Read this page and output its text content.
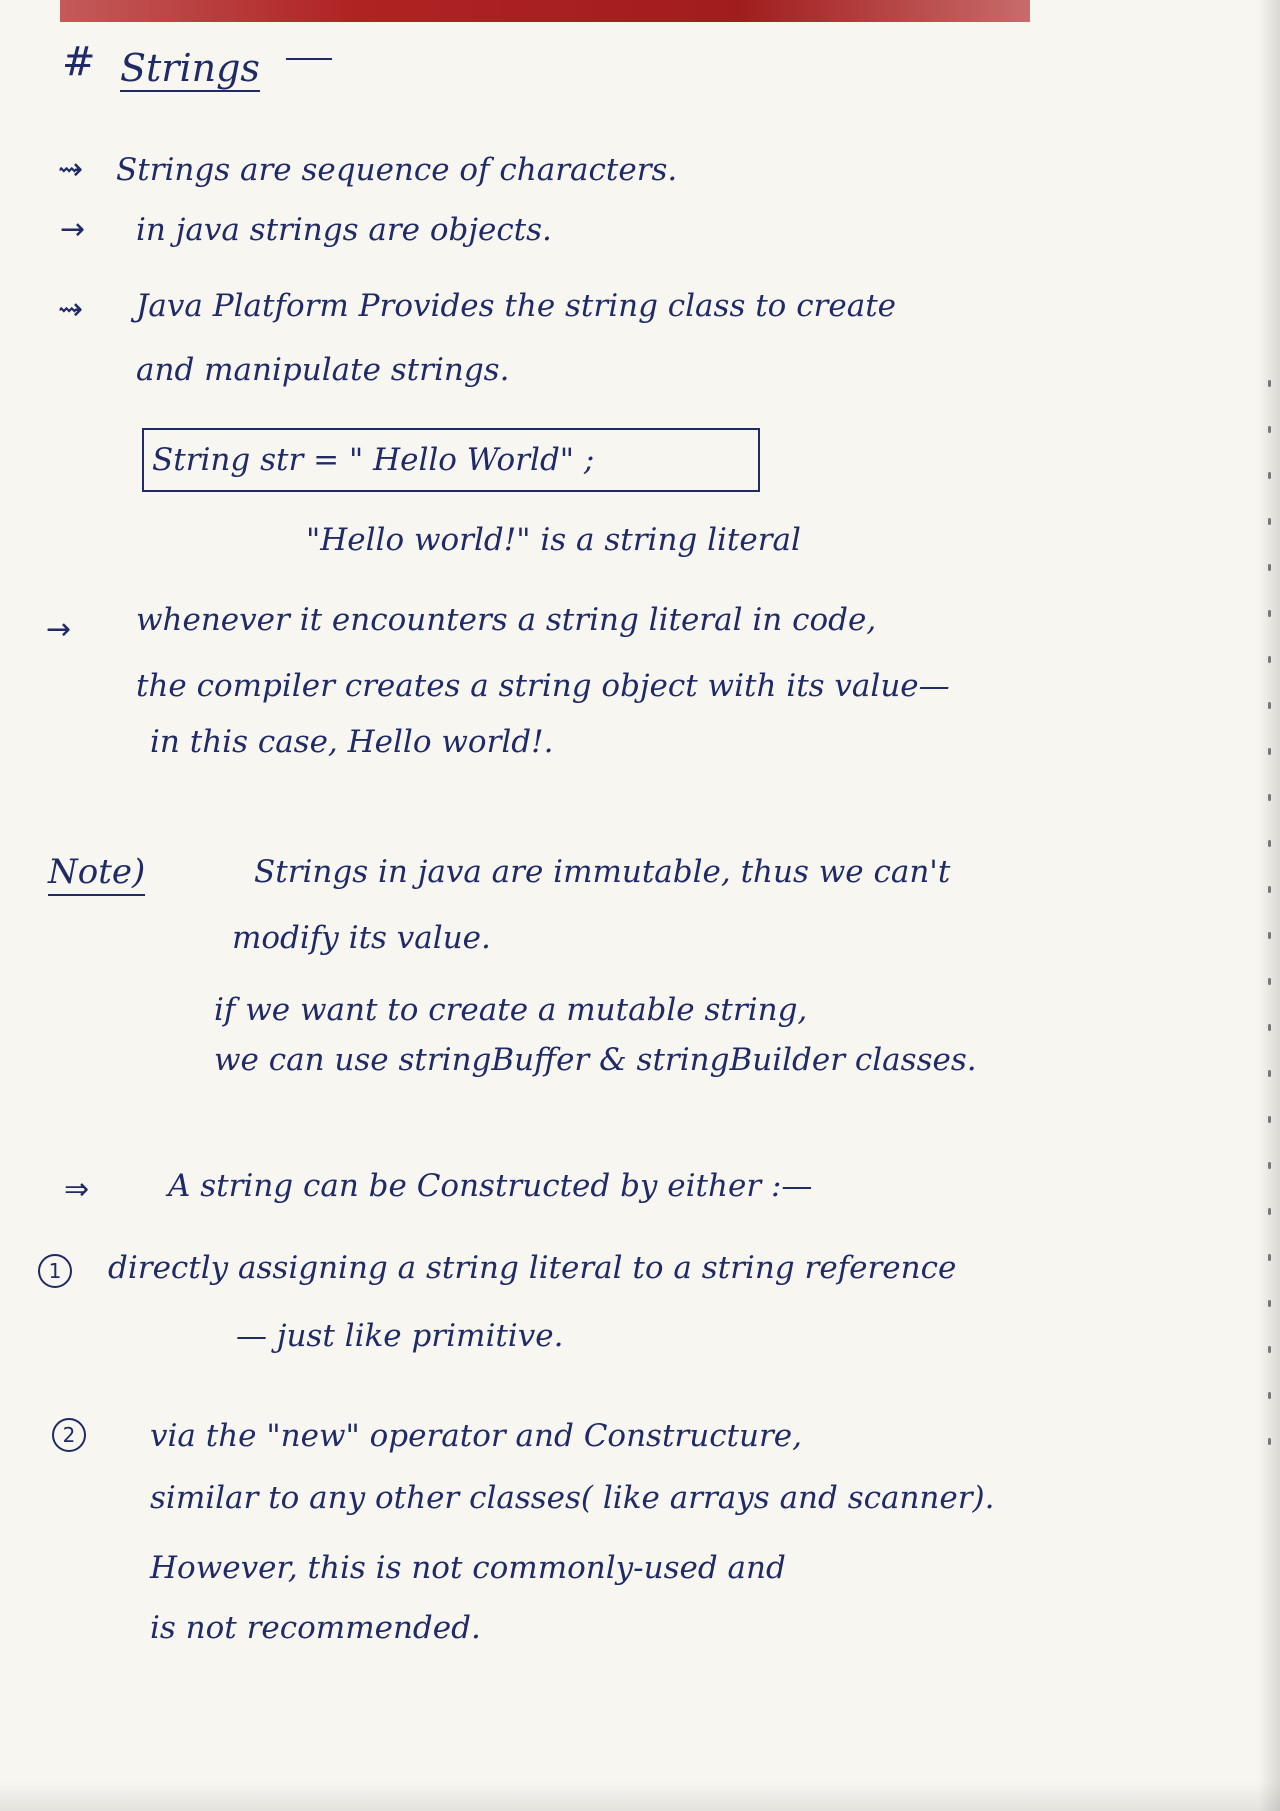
# Strings
⇝ Strings are sequence of characters.
→ in java strings are objects.
⇝ Java Platform Provides the string class to create
and manipulate strings.
String str = " Hello World" ;
"Hello world!" is a string literal
→ whenever it encounters a string literal in code,
the compiler creates a string object with its value—
in this case, Hello world!.
Note)	Strings in java are immutable, thus we can't
modify its value.
if we want to create a mutable string,
we can use stringBuffer & stringBuilder classes.
⇒	A string can be Constructed by either :—
1	directly assigning a string literal to a string reference
— just like primitive.
2	via the "new" operator and Constructure,
similar to any other classes( like arrays and scanner).
However, this is not commonly-used and
is not recommended.
